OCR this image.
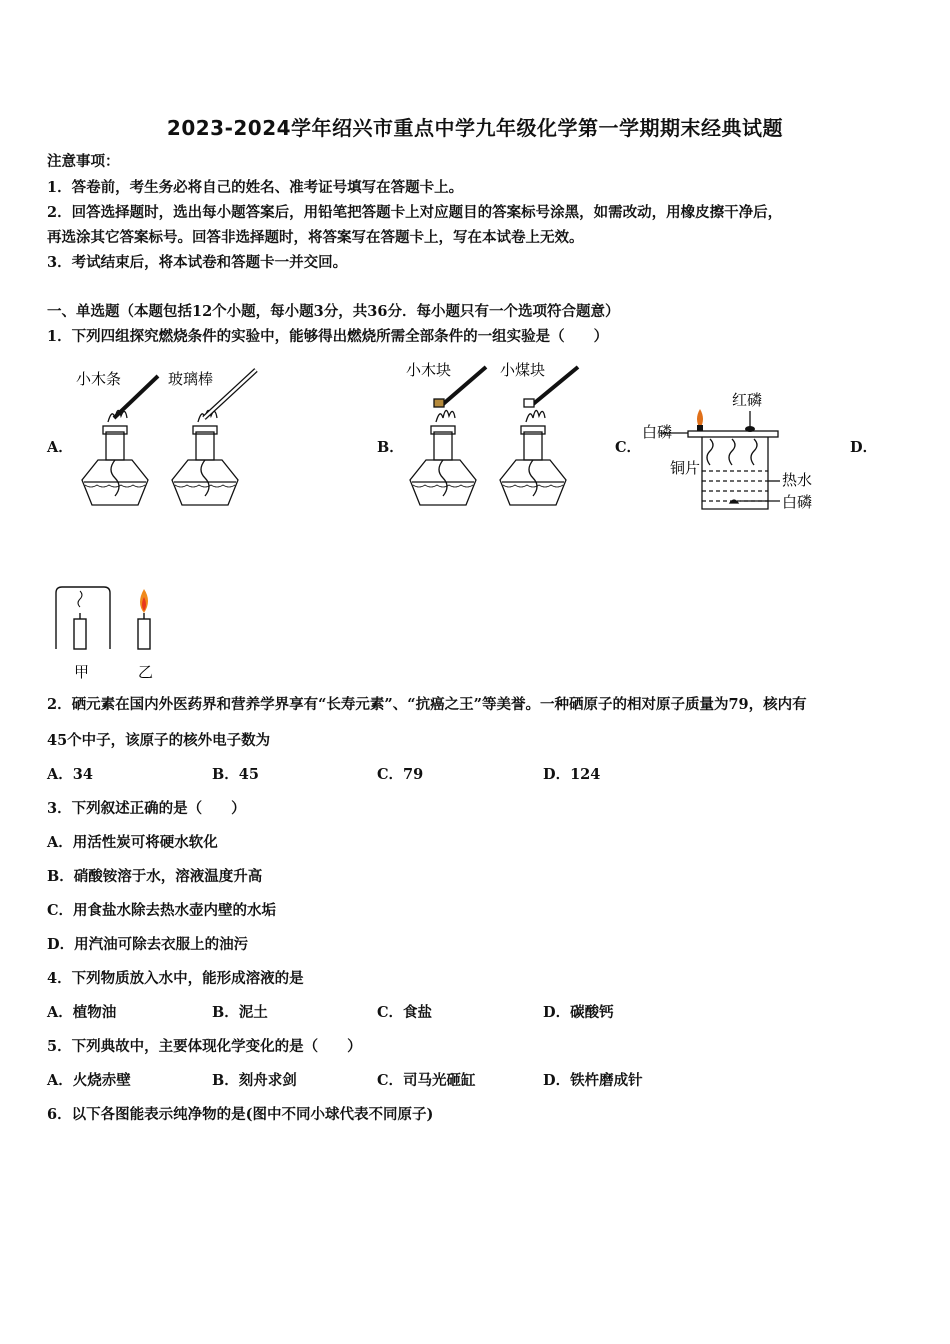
2023-2024学年绍兴市重点中学九年级化学第一学期期末经典试题
注意事项：
1．答卷前，考生务必将自己的姓名、准考证号填写在答题卡上。
2．回答选择题时，选出每小题答案后，用铅笔把答题卡上对应题目的答案标号涂黑，如需改动，用橡皮擦干净后，
再选涂其它答案标号。回答非选择题时，将答案写在答题卡上，写在本试卷上无效。
3．考试结束后，将本试卷和答题卡一并交回。
一、单选题（本题包括12个小题，每小题3分，共36分．每小题只有一个选项符合题意）
1．下列四组探究燃烧条件的实验中，能够得出燃烧所需全部条件的一组实验是（　　）
A．	B．	C．	D．
小木条	玻璃棒	小木块	小煤块
白磷
红磷
铜片
热水
白磷
甲	乙
2．硒元素在国内外医药界和营养学界享有“长寿元素”、“抗癌之王”等美誉。一种硒原子的相对原子质量为79，核内有
45个中子，该原子的核外电子数为
A．34	B．45	C．79	D．124
3．下列叙述正确的是（　　）
A．用活性炭可将硬水软化
B．硝酸铵溶于水，溶液温度升高
C．用食盐水除去热水壶内壁的水垢
D．用汽油可除去衣服上的油污
4．下列物质放入水中，能形成溶液的是
A．植物油	B．泥土	C．食盐	D．碳酸钙
5．下列典故中，主要体现化学变化的是（　　）
A．火烧赤壁	B．刻舟求剑	C．司马光砸缸	D．铁杵磨成针
6．以下各图能表示纯净物的是(图中不同小球代表不同原子)
